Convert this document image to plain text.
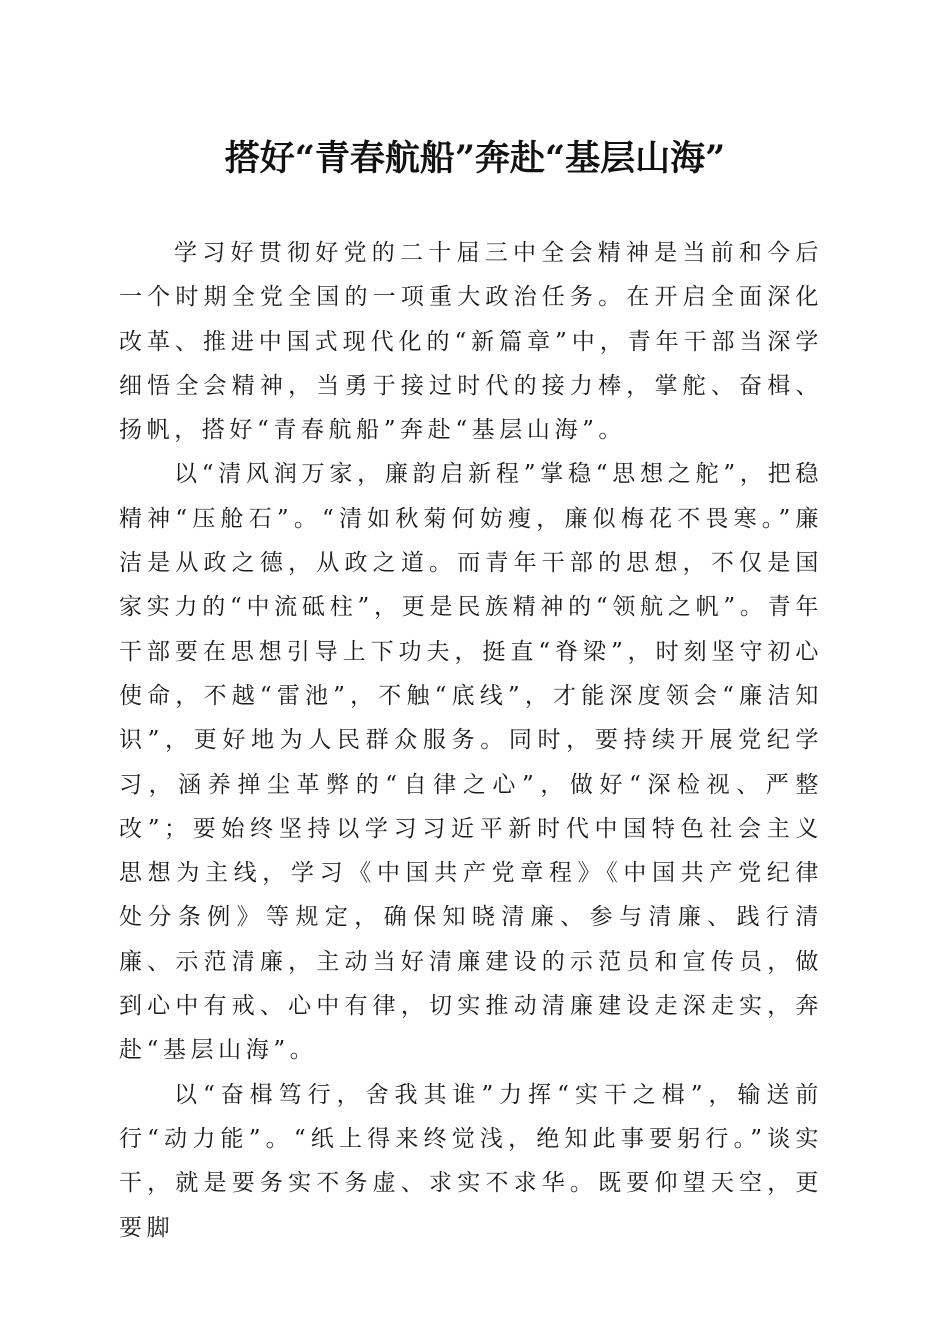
搭好“青春航船”奔赴“基层山海”

学习好贯彻好党的二十届三中全会精神是当前和今后一个时期全党全国的一项重大政治任务。在开启全面深化改革、推进中国式现代化的“新篇章”中，青年干部当深学细悟全会精神，当勇于接过时代的接力棒，掌舵、奋楫、扬帆，搭好“青春航船”奔赴“基层山海”。

以“清风润万家，廉韵启新程”掌稳“思想之舵”，把稳精神“压舱石”。“清如秋菊何妨瘦，廉似梅花不畏寒。”廉洁是从政之德，从政之道。而青年干部的思想，不仅是国家实力的“中流砥柱”，更是民族精神的“领航之帆”。青年干部要在思想引导上下功夫，挺直“脊梁”，时刻坚守初心使命，不越“雷池”，不触“底线”，才能深度领会“廉洁知识”，更好地为人民群众服务。同时，要持续开展党纪学习，涵养掸尘革弊的“自律之心”，做好“深检视、严整改”；要始终坚持以学习习近平新时代中国特色社会主义思想为主线，学习《中国共产党章程》《中国共产党纪律处分条例》等规定，确保知晓清廉、参与清廉、践行清廉、示范清廉，主动当好清廉建设的示范员和宣传员，做到心中有戒、心中有律，切实推动清廉建设走深走实，奔赴“基层山海”。

以“奋楫笃行，舍我其谁”力挥“实干之楫”，输送前行“动力能”。“纸上得来终觉浅，绝知此事要躬行。”谈实干，就是要务实不务虚、求实不求华。既要仰望天空，更要脚
